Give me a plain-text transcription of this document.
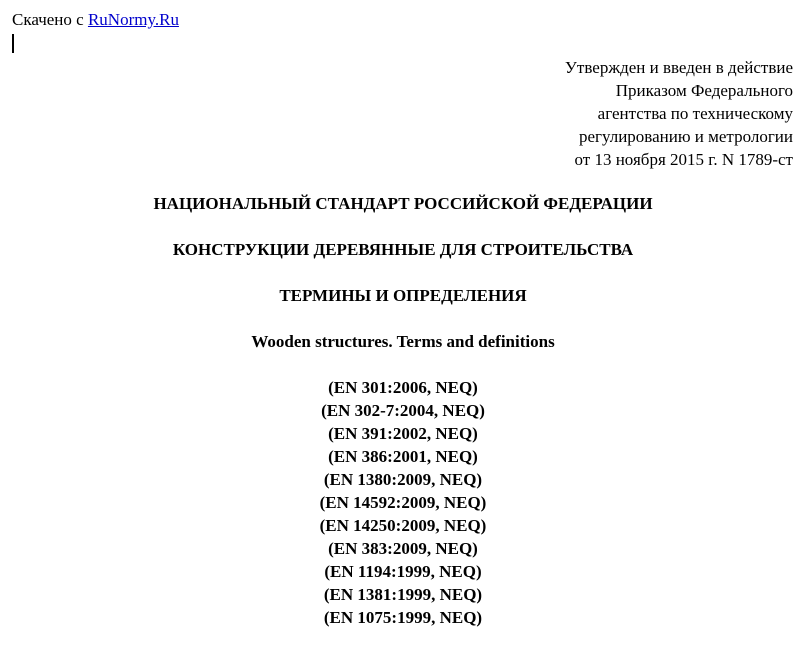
Скачено с RuNormy.Ru
Утвержден и введен в действие
Приказом Федерального
агентства по техническому
регулированию и метрологии
от 13 ноября 2015 г. N 1789-ст
НАЦИОНАЛЬНЫЙ СТАНДАРТ РОССИЙСКОЙ ФЕДЕРАЦИИ
КОНСТРУКЦИИ ДЕРЕВЯННЫЕ ДЛЯ СТРОИТЕЛЬСТВА
ТЕРМИНЫ И ОПРЕДЕЛЕНИЯ
Wooden structures. Terms and definitions
(EN 301:2006, NEQ)
(EN 302-7:2004, NEQ)
(EN 391:2002, NEQ)
(EN 386:2001, NEQ)
(EN 1380:2009, NEQ)
(EN 14592:2009, NEQ)
(EN 14250:2009, NEQ)
(EN 383:2009, NEQ)
(EN 1194:1999, NEQ)
(EN 1381:1999, NEQ)
(EN 1075:1999, NEQ)
